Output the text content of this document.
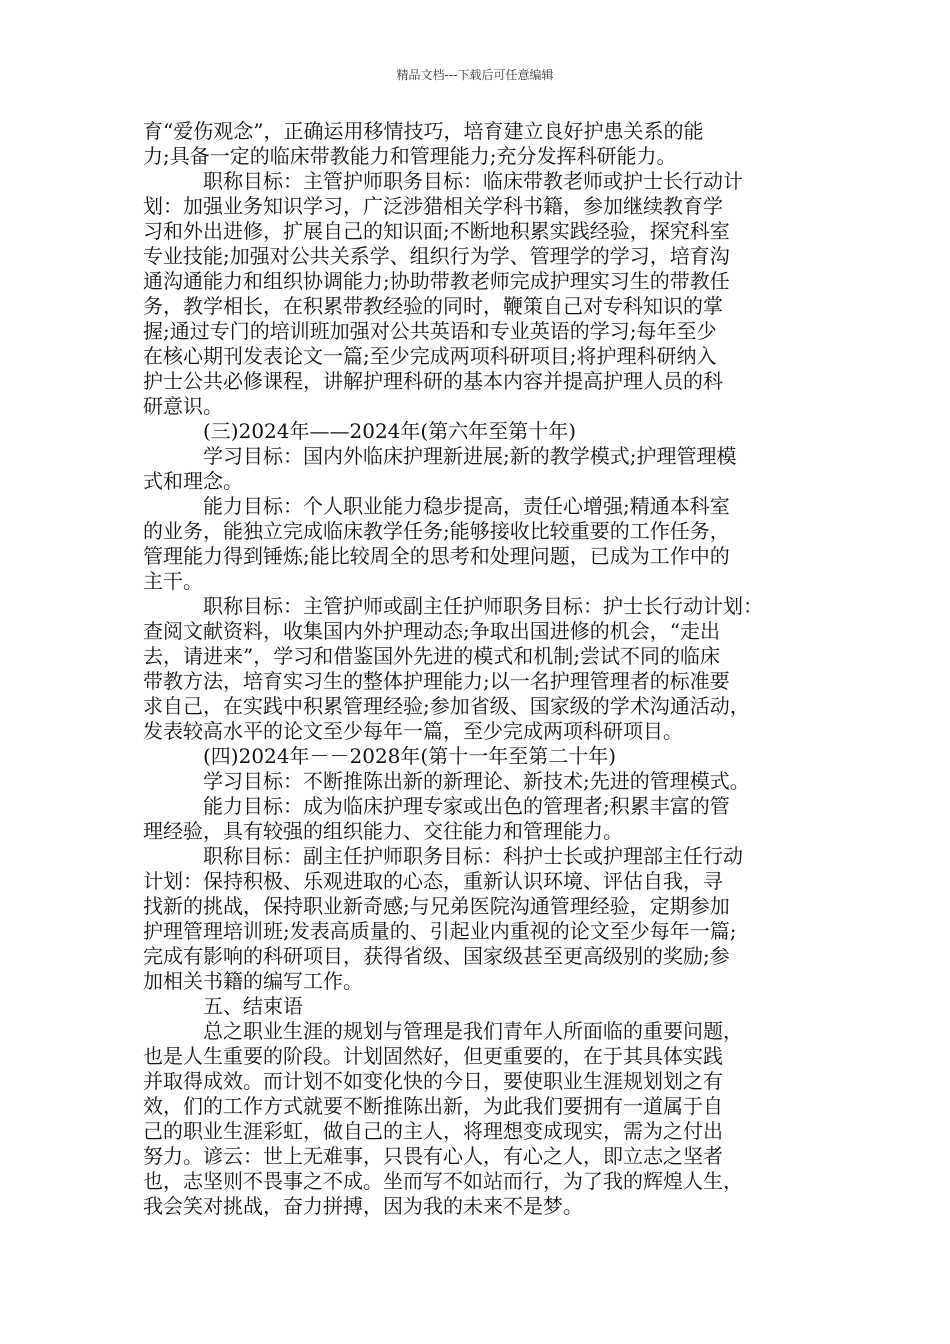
精品文档---下载后可任意编辑
育“爱伤观念”，正确运用移情技巧，培育建立良好护患关系的能
力;具备一定的临床带教能力和管理能力;充分发挥科研能力。
职称目标：主管护师职务目标：临床带教老师或护士长行动计
划：加强业务知识学习，广泛涉猎相关学科书籍，参加继续教育学
习和外出进修，扩展自己的知识面;不断地积累实践经验，探究科室
专业技能;加强对公共关系学、组织行为学、管理学的学习，培育沟
通沟通能力和组织协调能力;协助带教老师完成护理实习生的带教任
务，教学相长，在积累带教经验的同时，鞭策自己对专科知识的掌
握;通过专门的培训班加强对公共英语和专业英语的学习;每年至少
在核心期刊发表论文一篇;至少完成两项科研项目;将护理科研纳入
护士公共必修课程，讲解护理科研的基本内容并提高护理人员的科
研意识。
(三)2024年——2024年(第六年至第十年)
学习目标：国内外临床护理新进展;新的教学模式;护理管理模
式和理念。
能力目标：个人职业能力稳步提高，责任心增强;精通本科室
的业务，能独立完成临床教学任务;能够接收比较重要的工作任务，
管理能力得到锤炼;能比较周全的思考和处理问题，已成为工作中的
主干。
职称目标：主管护师或副主任护师职务目标：护士长行动计划：
查阅文献资料，收集国内外护理动态;争取出国进修的机会，“走出
去，请进来”，学习和借鉴国外先进的模式和机制;尝试不同的临床
带教方法，培育实习生的整体护理能力;以一名护理管理者的标准要
求自己，在实践中积累管理经验;参加省级、国家级的学术沟通活动，
发表较高水平的论文至少每年一篇，至少完成两项科研项目。
(四)2024年－－2028年(第十一年至第二十年)
学习目标：不断推陈出新的新理论、新技术;先进的管理模式。
能力目标：成为临床护理专家或出色的管理者;积累丰富的管
理经验，具有较强的组织能力、交往能力和管理能力。
职称目标：副主任护师职务目标：科护士长或护理部主任行动
计划：保持积极、乐观进取的心态，重新认识环境、评估自我，寻
找新的挑战，保持职业新奇感;与兄弟医院沟通管理经验，定期参加
护理管理培训班;发表高质量的、引起业内重视的论文至少每年一篇;
完成有影响的科研项目，获得省级、国家级甚至更高级别的奖励;参
加相关书籍的编写工作。
五、结束语
总之职业生涯的规划与管理是我们青年人所面临的重要问题，
也是人生重要的阶段。计划固然好，但更重要的，在于其具体实践
并取得成效。而计划不如变化快的今日，要使职业生涯规划划之有
效，们的工作方式就要不断推陈出新，为此我们要拥有一道属于自
己的职业生涯彩虹，做自己的主人，将理想变成现实，需为之付出
努力。谚云：世上无难事，只畏有心人，有心之人，即立志之坚者
也，志坚则不畏事之不成。坐而写不如站而行，为了我的辉煌人生，
我会笑对挑战，奋力拼搏，因为我的未来不是梦。
